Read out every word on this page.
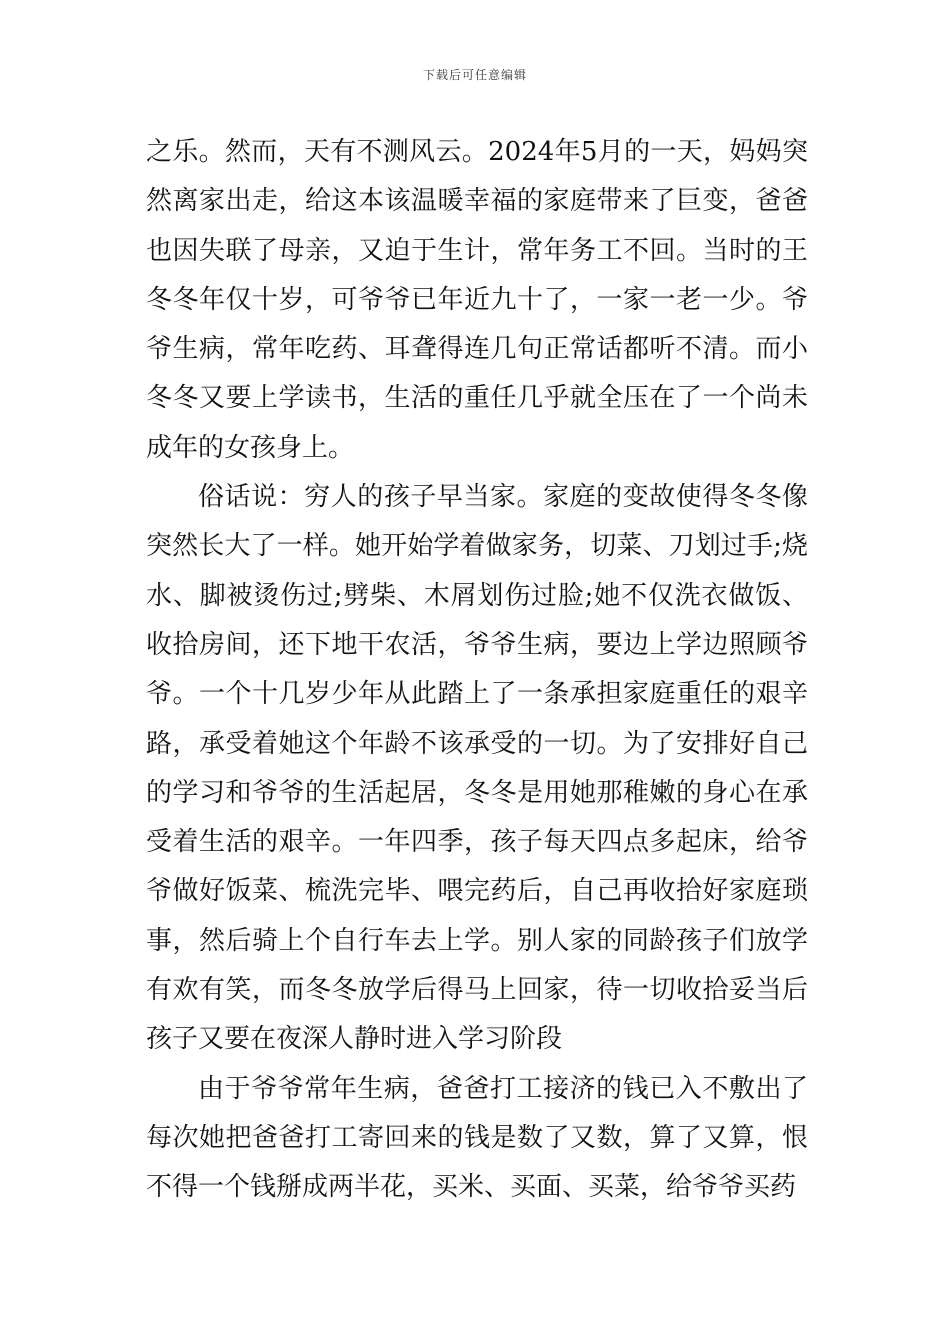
下载后可任意编辑

之乐。然而，天有不测风云。2024年5月的一天，妈妈突然离家出走，给这本该温暖幸福的家庭带来了巨变，爸爸也因失联了母亲，又迫于生计，常年务工不回。当时的王冬冬年仅十岁，可爷爷已年近九十了，一家一老一少。爷爷生病，常年吃药、耳聋得连几句正常话都听不清。而小冬冬又要上学读书，生活的重任几乎就全压在了一个尚未成年的女孩身上。

俗话说：穷人的孩子早当家。家庭的变故使得冬冬像突然长大了一样。她开始学着做家务，切菜、刀划过手;烧水、脚被烫伤过;劈柴、木屑划伤过脸;她不仅洗衣做饭、收拾房间，还下地干农活，爷爷生病，要边上学边照顾爷爷。一个十几岁少年从此踏上了一条承担家庭重任的艰辛路，承受着她这个年龄不该承受的一切。为了安排好自己的学习和爷爷的生活起居，冬冬是用她那稚嫩的身心在承受着生活的艰辛。一年四季，孩子每天四点多起床，给爷爷做好饭菜、梳洗完毕、喂完药后，自己再收拾好家庭琐事，然后骑上个自行车去上学。别人家的同龄孩子们放学有欢有笑，而冬冬放学后得马上回家，待一切收拾妥当后孩子又要在夜深人静时进入学习阶段

由于爷爷常年生病，爸爸打工接济的钱已入不敷出了每次她把爸爸打工寄回来的钱是数了又数，算了又算，恨不得一个钱掰成两半花，买米、买面、买菜，给爷爷买药
